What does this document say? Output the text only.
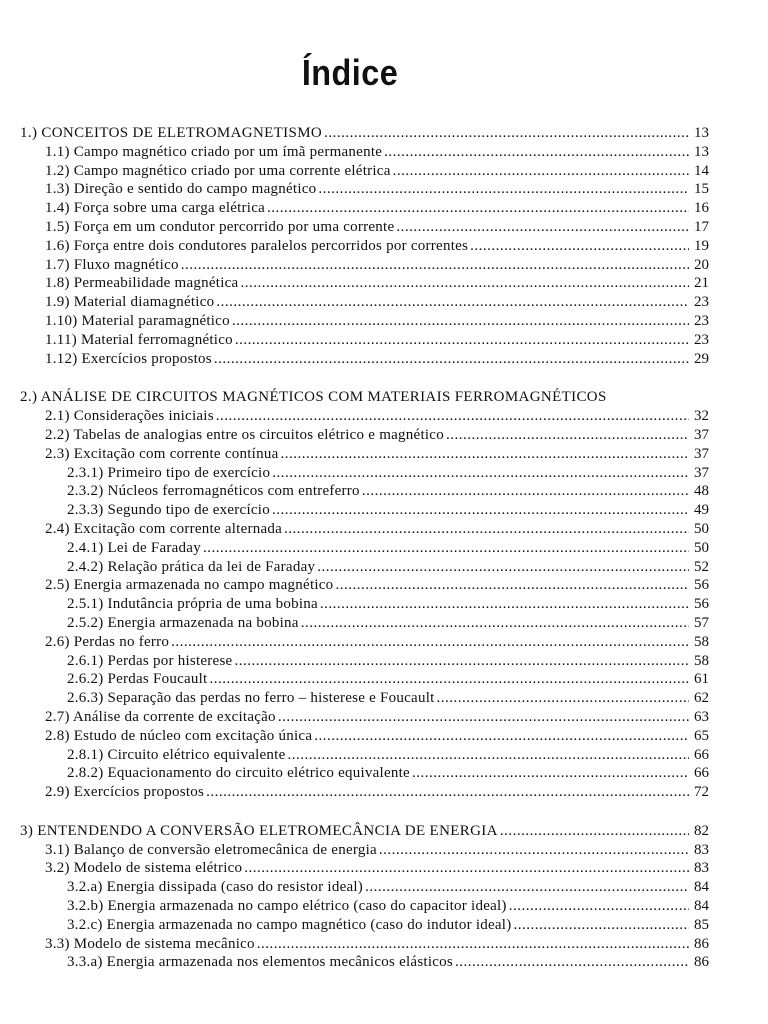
Índice
1.) CONCEITOS DE ELETROMAGNETISMO .....	13
1.1) Campo magnético criado por um ímã permanente .....	13
1.2) Campo magnético criado por uma corrente elétrica .....	14
1.3) Direção e sentido do campo magnético .....	15
1.4) Força sobre uma carga elétrica .....	16
1.5) Força em um condutor percorrido por uma corrente .....	17
1.6) Força entre dois condutores paralelos percorridos por correntes .....	19
1.7) Fluxo magnético .....	20
1.8) Permeabilidade magnética .....	21
1.9) Material diamagnético .....	23
1.10) Material paramagnético .....	23
1.11) Material ferromagnético .....	23
1.12) Exercícios propostos .....	29
2.) ANÁLISE DE CIRCUITOS MAGNÉTICOS COM MATERIAIS FERROMAGNÉTICOS
2.1) Considerações iniciais .....	32
2.2) Tabelas de analogias entre os circuitos elétrico e magnético .....	37
2.3) Excitação com corrente contínua .....	37
2.3.1) Primeiro tipo de exercício .....	37
2.3.2) Núcleos ferromagnéticos com entreferro .....	48
2.3.3) Segundo tipo de exercício .....	49
2.4) Excitação com corrente alternada .....	50
2.4.1) Lei de Faraday .....	50
2.4.2) Relação prática da lei de Faraday .....	52
2.5) Energia armazenada no campo magnético .....	56
2.5.1) Indutância própria de uma bobina .....	56
2.5.2) Energia armazenada na bobina .....	57
2.6) Perdas no ferro .....	58
2.6.1) Perdas por histerese .....	58
2.6.2) Perdas Foucault .....	61
2.6.3) Separação das perdas no ferro – histerese e Foucault .....	62
2.7) Análise da corrente de excitação .....	63
2.8) Estudo de núcleo com excitação única .....	65
2.8.1) Circuito elétrico equivalente .....	66
2.8.2) Equacionamento do circuito elétrico equivalente .....	66
2.9) Exercícios propostos .....	72
3) ENTENDENDO A CONVERSÃO ELETROMECÂNCIA DE ENERGIA .....	82
3.1) Balanço de conversão eletromecânica de energia .....	83
3.2) Modelo de sistema elétrico .....	83
3.2.a) Energia dissipada (caso do resistor ideal) .....	84
3.2.b) Energia armazenada no campo elétrico (caso do capacitor ideal) .....	84
3.2.c) Energia armazenada no campo magnético (caso do indutor ideal) .....	85
3.3) Modelo de sistema mecânico .....	86
3.3.a) Energia armazenada nos elementos mecânicos elásticos .....	86
